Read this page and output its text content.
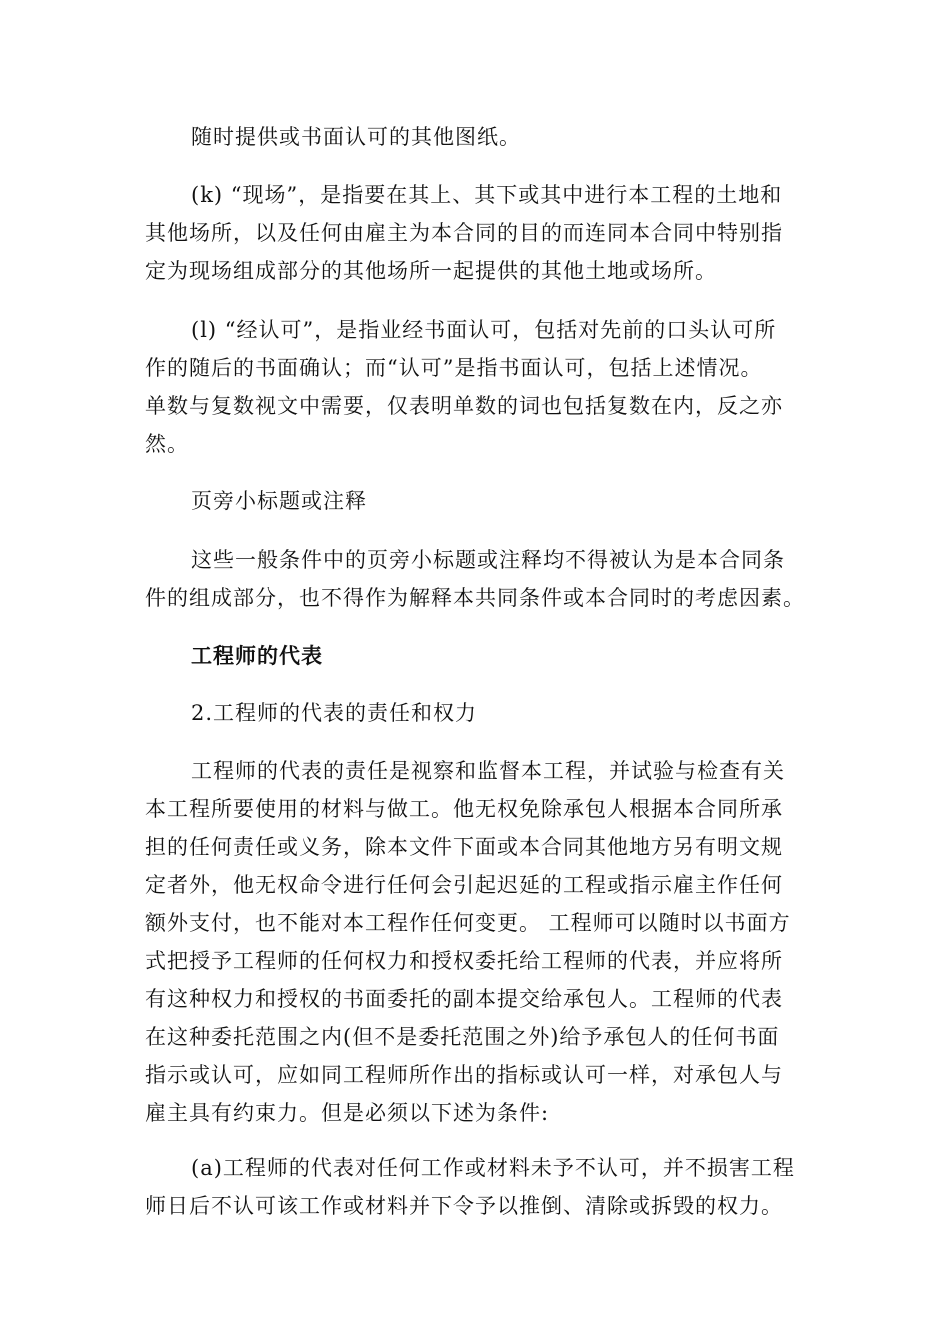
随时提供或书面认可的其他图纸。
(k) “现场”，是指要在其上、其下或其中进行本工程的土地和
其他场所，以及任何由雇主为本合同的目的而连同本合同中特别指
定为现场组成部分的其他场所一起提供的其他土地或场所。
(l) “经认可”，是指业经书面认可，包括对先前的口头认可所
作的随后的书面确认；而“认可”是指书面认可，包括上述情况。
单数与复数视文中需要，仅表明单数的词也包括复数在内，反之亦
然。
页旁小标题或注释
这些一般条件中的页旁小标题或注释均不得被认为是本合同条
件的组成部分，也不得作为解释本共同条件或本合同时的考虑因素。
工程师的代表
2.工程师的代表的责任和权力
工程师的代表的责任是视察和监督本工程，并试验与检查有关
本工程所要使用的材料与做工。他无权免除承包人根据本合同所承
担的任何责任或义务，除本文件下面或本合同其他地方另有明文规
定者外，他无权命令进行任何会引起迟延的工程或指示雇主作任何
额外支付，也不能对本工程作任何变更。 工程师可以随时以书面方
式把授予工程师的任何权力和授权委托给工程师的代表，并应将所
有这种权力和授权的书面委托的副本提交给承包人。工程师的代表
在这种委托范围之内(但不是委托范围之外)给予承包人的任何书面
指示或认可，应如同工程师所作出的指标或认可一样，对承包人与
雇主具有约束力。但是必须以下述为条件:
(a)工程师的代表对任何工作或材料未予不认可，并不损害工程
师日后不认可该工作或材料并下令予以推倒、清除或拆毁的权力。
